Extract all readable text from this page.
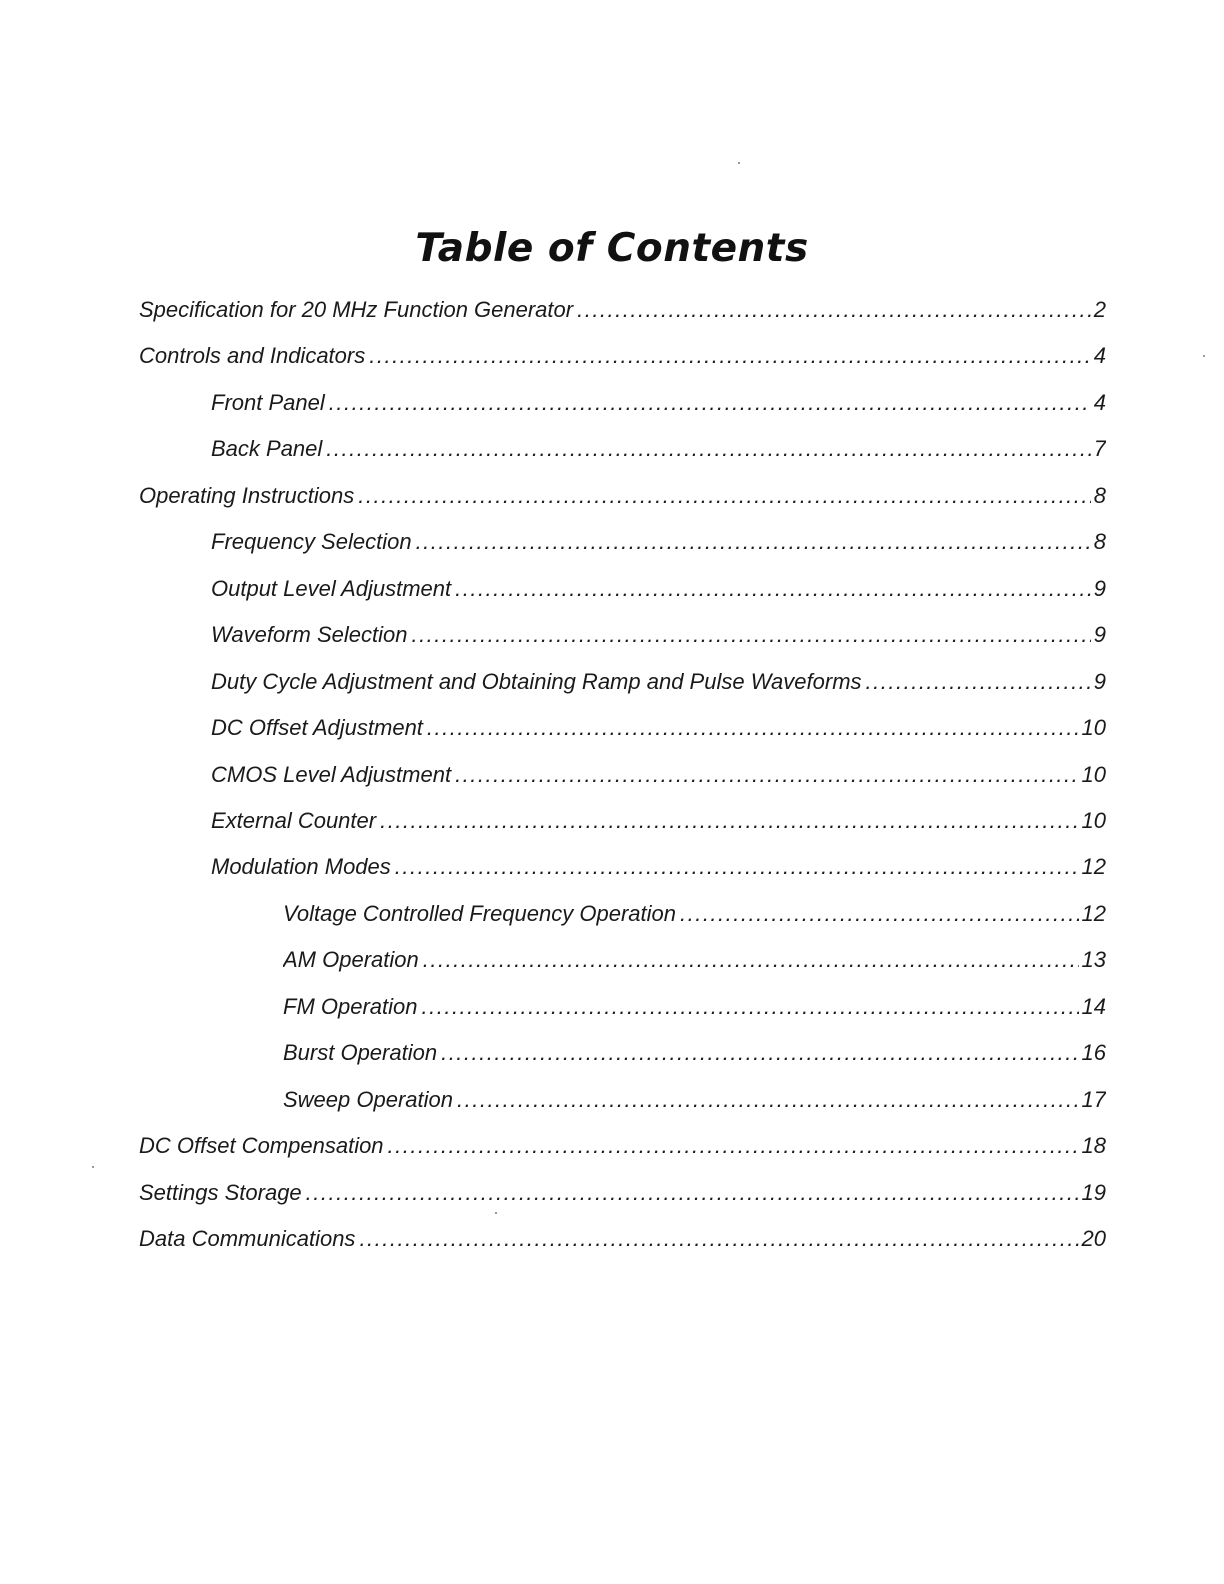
Table of Contents
Specification for 20 MHz Function Generator .....	2
Controls and Indicators .....	4
Front Panel .....	4
Back Panel .....	7
Operating Instructions .....	8
Frequency Selection .....	8
Output Level Adjustment .....	9
Waveform Selection .....	9
Duty Cycle Adjustment and Obtaining Ramp and Pulse Waveforms .....	9
DC Offset Adjustment .....	10
CMOS Level Adjustment .....	10
External Counter .....	10
Modulation Modes .....	12
Voltage Controlled Frequency Operation .....	12
AM Operation .....	13
FM Operation .....	14
Burst Operation .....	16
Sweep Operation .....	17
DC Offset Compensation .....	18
Settings Storage .....	19
Data Communications .....	20
